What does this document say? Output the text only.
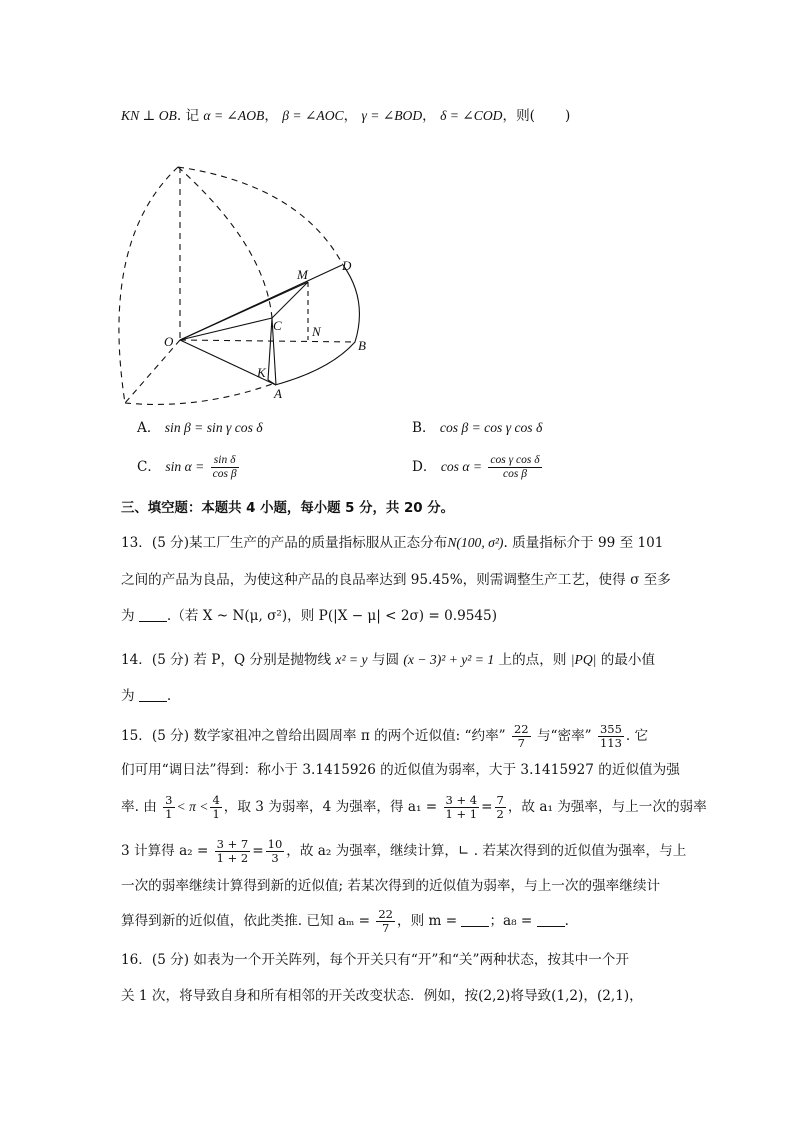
KN ⊥ OB. 记 α = ∠AOB， β = ∠AOC， γ = ∠BOD， δ = ∠COD，则( )
O
A
B
C
D
M
N
K
A． sin β = sin γ cos δ	B． cos β = cos γ cos δ
C． $\sin \alpha = \frac{\text{sin δ}}{\text{cos β}}$	D． $\cos \alpha = \frac{\text{cos γ cos δ}}{\text{cos β}}$
三、填空题：本题共 4 小题，每小题 5 分，共 20 分。
13．(5 分)某工厂生产的产品的质量指标服从正态分布N(100, σ²). 质量指标介于 99 至 101
之间的产品为良品，为使这种产品的良品率达到 95.45%，则需调整生产工艺，使得 σ 至多
为 .（若 X ~ N(μ, σ²)，则 P(|X − μ| < 2σ) = 0.9545)
14．(5 分) 若 P，Q 分别是抛物线 x² = y 与圆 (x − 3)² + y² = 1 上的点，则 |PQ| 的最小值
为 .
15．(5 分) 数学家祖冲之曾给出圆周率 π 的两个近似值: “约率” $\frac{22}{7}$ 与“密率” $\frac{355}{113}$ . 它
们可用“调日法”得到：称小于 3.1415926 的近似值为弱率，大于 3.1415927 的近似值为强
率. 由 $\frac{3}{1} < \pi < \frac{4}{1}$ ，取 3 为弱率，4 为强率，得 $a_1 = \frac{3 + 4}{1 + 1} = \frac{7}{2}$ ，故 a₁ 为强率，与上一次的弱率
3 计算得 $a_2 = \frac{3 + 7}{1 + 2} = \frac{10}{3}$ ，故 a₂ 为强率，继续计算，∟ . 若某次得到的近似值为强率，与上
一次的弱率继续计算得到新的近似值; 若某次得到的近似值为弱率，与上一次的强率继续计
算得到新的近似值，依此类推. 已知 $a_m = \frac{22}{7}$ ，则 m = ；a₈ = .
16．(5 分) 如表为一个开关阵列，每个开关只有“开”和“关”两种状态，按其中一个开
关 1 次，将导致自身和所有相邻的开关改变状态．例如，按(2,2)将导致(1,2)，(2,1)，
